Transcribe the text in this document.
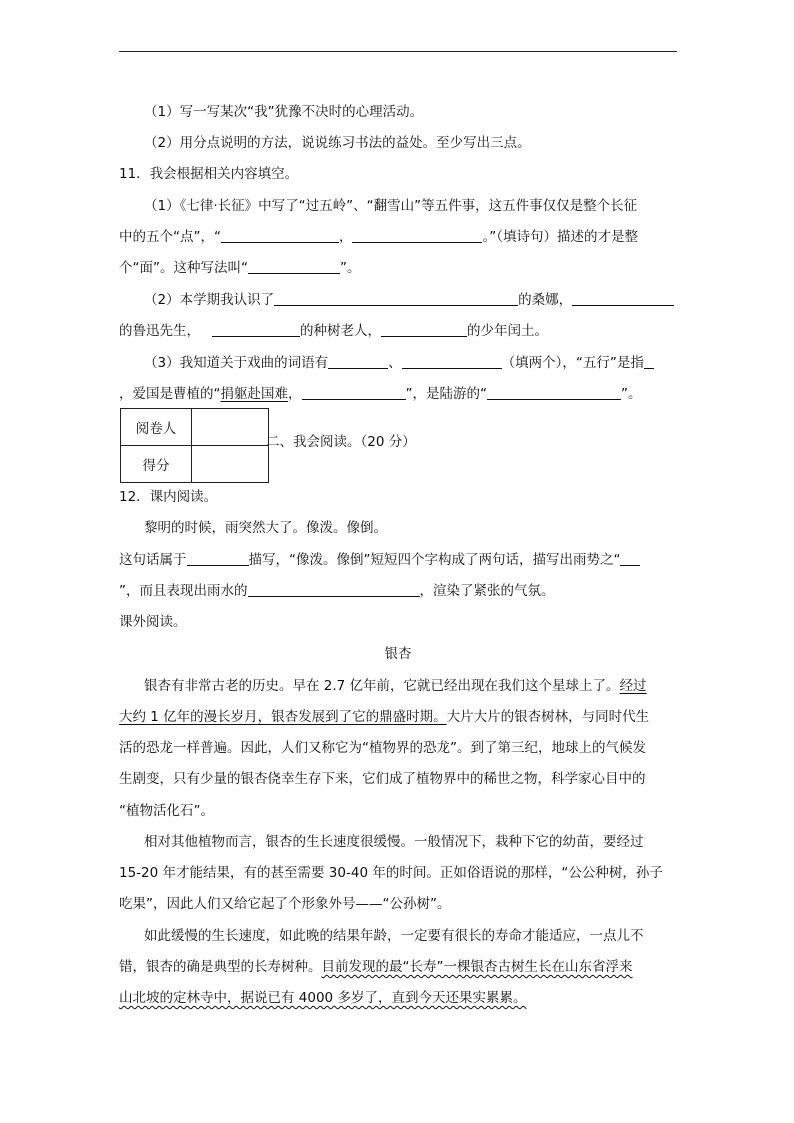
（1）写一写某次“我”犹豫不决时的心理活动。
（2）用分点说明的方法，说说练习书法的益处。至少写出三点。
11．我会根据相关内容填空。
（1）《七律·长征》中写了“过五岭”、“翻雪山”等五件事，这五件事仅仅是整个长征
中的五个“点”，“	，	。”（填诗句）描述的才是整
个“面”。这种写法叫“	”。
（2）本学期我认识了	的桑娜，
的鲁迅先生，	的种树老人，	的少年闰土。
（3）我知道关于戏曲的词语有	、	（填两个），“五行”是指
，爱国是曹植的“捐躯赴国难，	”，是陆游的“	”。
阅卷人	
得分	
二、我会阅读。（20 分）
12．课内阅读。
黎明的时候，雨突然大了。像泼。像倒。
这句话属于	描写，“像泼。像倒”短短四个字构成了两句话，描写出雨势之“
”，而且表现出雨水的	，渲染了紧张的气氛。
课外阅读。
银杏
银杏有非常古老的历史。早在 2.7 亿年前，它就已经出现在我们这个星球上了。经过
大约 1 亿年的漫长岁月，银杏发展到了它的鼎盛时期。大片大片的银杏树林，与同时代生
活的恐龙一样普遍。因此，人们又称它为“植物界的恐龙”。到了第三纪，地球上的气候发
生剧变，只有少量的银杏侥幸生存下来，它们成了植物界中的稀世之物，科学家心目中的
“植物活化石”。
相对其他植物而言，银杏的生长速度很缓慢。一般情况下，栽种下它的幼苗，要经过
15-20 年才能结果，有的甚至需要 30-40 年的时间。正如俗语说的那样，“公公种树，孙子
吃果”，因此人们又给它起了个形象外号——“公孙树”。
如此缓慢的生长速度，如此晚的结果年龄，一定要有很长的寿命才能适应，一点儿不
错，银杏的确是典型的长寿树种。目前发现的最“长寿”一棵银杏古树生长在山东省浮来
山北坡的定林寺中，据说已有 4000 多岁了，直到今天还果实累累。
